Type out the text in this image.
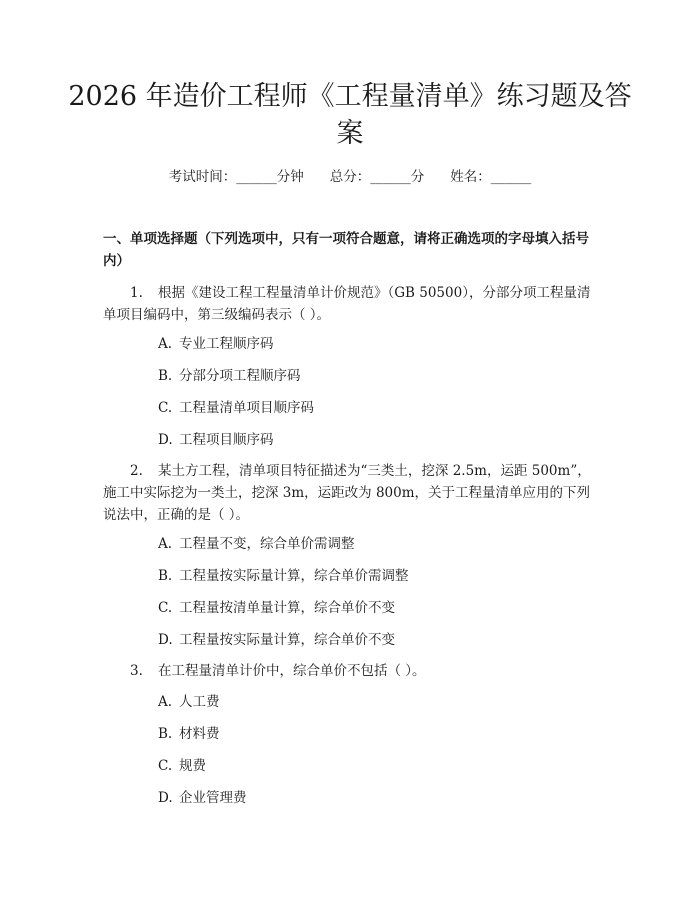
2026 年造价工程师《工程量清单》练习题及答案
考试时间：______分钟 总分：______分 姓名：______
一、单项选择题（下列选项中，只有一项符合题意，请将正确选项的字母填入括号内）

1. 根据《建设工程工程量清单计价规范》（GB 50500），分部分项工程量清单项目编码中，第三级编码表示（ ）。

A. 专业工程顺序码
B. 分部分项工程顺序码
C. 工程量清单项目顺序码
D. 工程项目顺序码

2. 某土方工程，清单项目特征描述为“三类土，挖深 2.5m，运距 500m”，施工中实际挖为一类土，挖深 3m，运距改为 800m，关于工程量清单应用的下列说法中，正确的是（ ）。

A. 工程量不变，综合单价需调整
B. 工程量按实际量计算，综合单价需调整
C. 工程量按清单量计算，综合单价不变
D. 工程量按实际量计算，综合单价不变

3. 在工程量清单计价中，综合单价不包括（ ）。

A. 人工费
B. 材料费
C. 规费
D. 企业管理费
